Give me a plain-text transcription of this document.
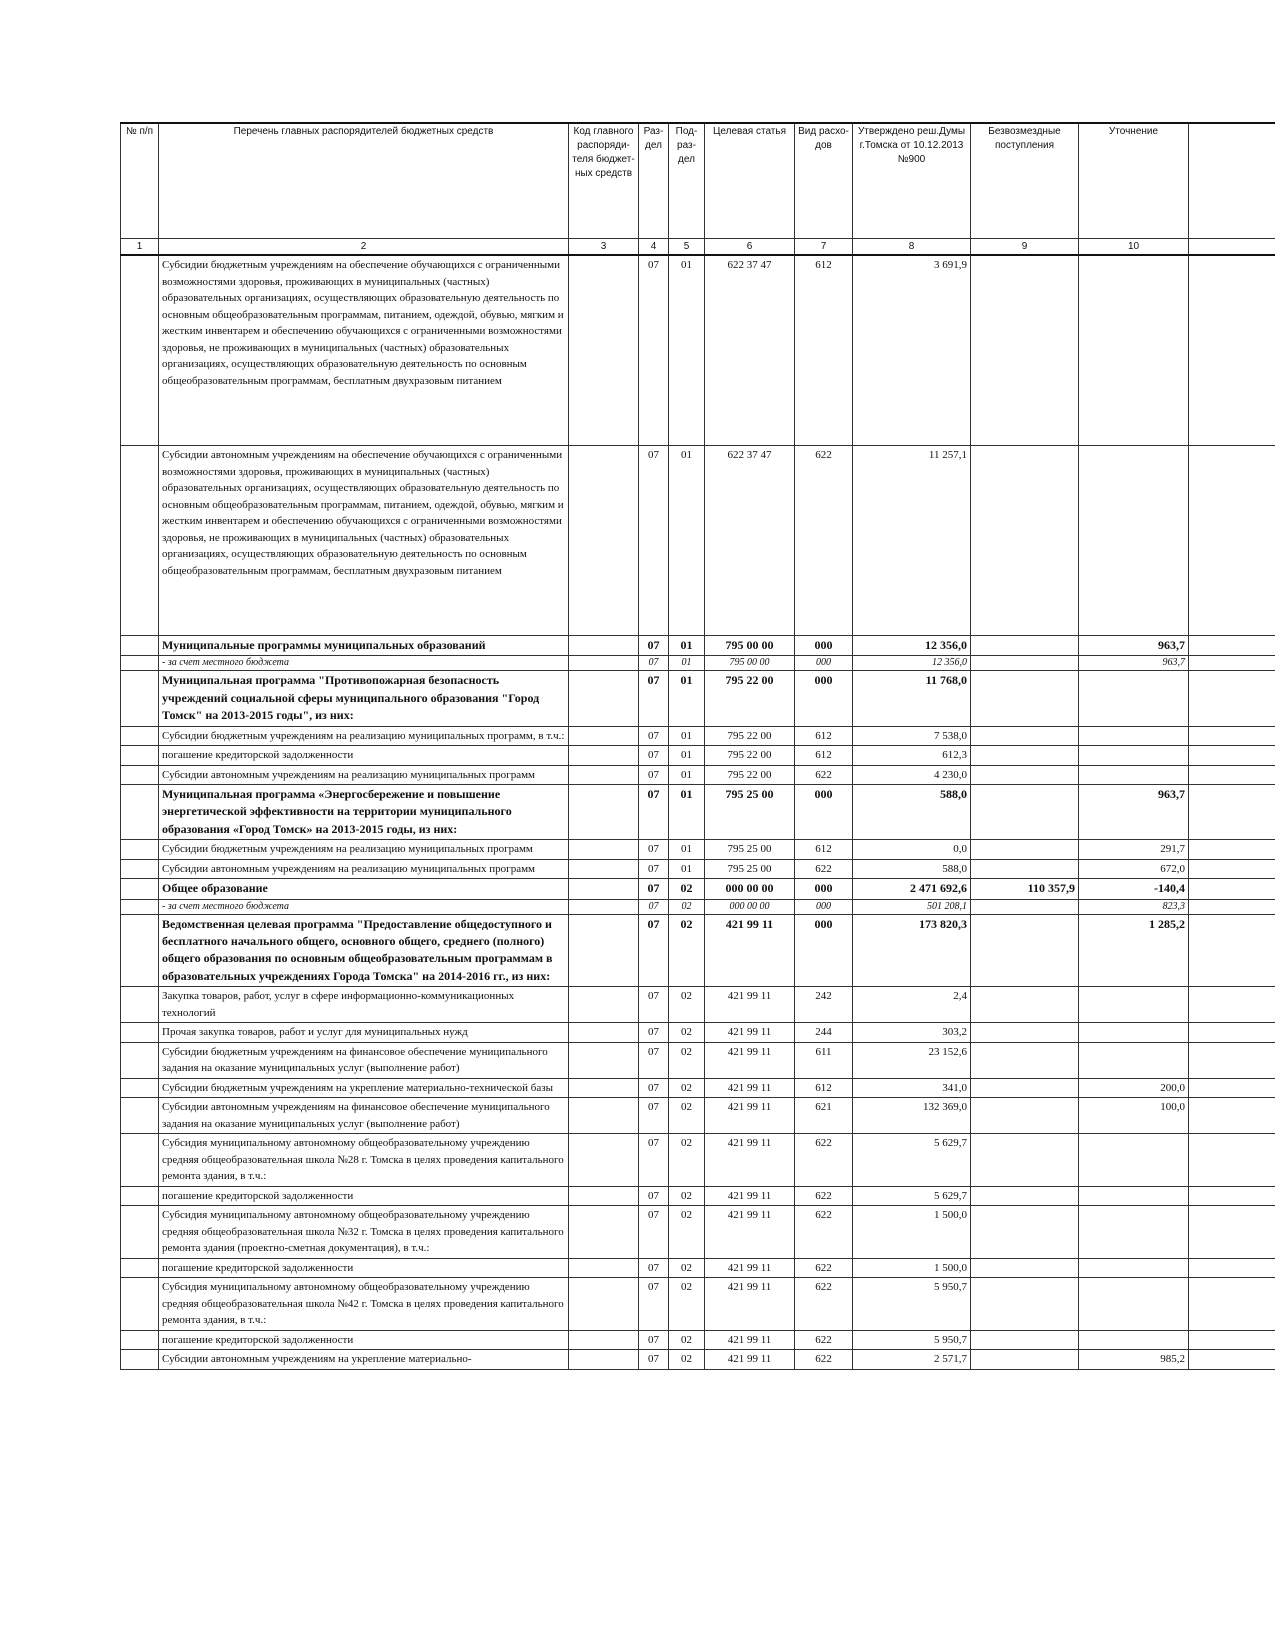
№ п/п	Перечень главных распорядителей бюджетных средств	Код главного распоряди-теля бюджет-ных средств	Раз-дел	Под-раз-дел	Целевая статья	Вид расхо-дов	Утверждено реш.Думы г.Томска от 10.12.2013 №900	Безвозмездные поступления	Уточнение	
1	2	3	4	5	6	7	8	9	10	
	Субсидии бюджетным учреждениям на обеспечение обучающихся с ограниченными возможностями здоровья, проживающих в муниципальных (частных) образовательных организациях, осуществляющих образовательную деятельность по основным общеобразовательным программам, питанием, одеждой, обувью, мягким и жестким инвентарем и обеспечению обучающихся с ограниченными возможностями здоровья, не проживающих в муниципальных (частных) образовательных организациях, осуществляющих образовательную деятельность по основным общеобразовательным программам, бесплатным двухразовым питанием		07	01	622 37 47	612	3 691,9			
	Субсидии автономным учреждениям на обеспечение обучающихся с ограниченными возможностями здоровья, проживающих в муниципальных (частных) образовательных организациях, осуществляющих образовательную деятельность по основным общеобразовательным программам, питанием, одеждой, обувью, мягким и жестким инвентарем и обеспечению обучающихся с ограниченными возможностями здоровья, не проживающих в муниципальных (частных) образовательных организациях, осуществляющих образовательную деятельность по основным общеобразовательным программам, бесплатным двухразовым питанием		07	01	622 37 47	622	11 257,1			
	Муниципальные программы муниципальных образований		07	01	795 00 00	000	12 356,0		963,7	
	- за счет местного бюджета		07	01	795 00 00	000	12 356,0		963,7	
	Муниципальная программа "Противопожарная безопасность учреждений социальной сферы муниципального образования "Город Томск" на 2013-2015 годы", из них:		07	01	795 22 00	000	11 768,0			
	Субсидии бюджетным учреждениям на реализацию муниципальных программ, в т.ч.:		07	01	795 22 00	612	7 538,0			
	погашение кредиторской задолженности		07	01	795 22 00	612	612,3			
	Субсидии автономным учреждениям на реализацию муниципальных программ		07	01	795 22 00	622	4 230,0			
	Муниципальная программа «Энергосбережение и повышение энергетической эффективности на территории муниципального образования «Город Томск» на 2013-2015 годы, из них:		07	01	795 25 00	000	588,0		963,7	
	Субсидии бюджетным учреждениям на реализацию муниципальных программ		07	01	795 25 00	612	0,0		291,7	
	Субсидии автономным учреждениям на реализацию муниципальных программ		07	01	795 25 00	622	588,0		672,0	
	Общее образование		07	02	000 00 00	000	2 471 692,6	110 357,9	-140,4	
	- за счет местного бюджета		07	02	000 00 00	000	501 208,1		823,3	
	Ведомственная целевая программа "Предоставление общедоступного и бесплатного начального общего, основного общего, среднего (полного) общего образования по основным общеобразовательным программам в образовательных учреждениях Города Томска" на 2014-2016 гг., из них:		07	02	421 99 11	000	173 820,3		1 285,2	
	Закупка товаров, работ, услуг в сфере информационно-коммуникационных технологий		07	02	421 99 11	242	2,4			
	Прочая закупка товаров, работ и услуг для муниципальных нужд		07	02	421 99 11	244	303,2			
	Субсидии бюджетным учреждениям на финансовое обеспечение муниципального задания на оказание муниципальных услуг (выполнение работ)		07	02	421 99 11	611	23 152,6			
	Субсидии бюджетным учреждениям на укрепление материально-технической базы		07	02	421 99 11	612	341,0		200,0	
	Субсидии автономным учреждениям на финансовое обеспечение муниципального задания на оказание муниципальных услуг (выполнение работ)		07	02	421 99 11	621	132 369,0		100,0	
	Субсидия муниципальному автономному общеобразовательному учреждению средняя общеобразовательная школа №28 г. Томска в целях проведения капитального ремонта здания, в т.ч.:		07	02	421 99 11	622	5 629,7			
	погашение кредиторской задолженности		07	02	421 99 11	622	5 629,7			
	Субсидия муниципальному автономному общеобразовательному учреждению средняя общеобразовательная школа №32 г. Томска в целях проведения капитального ремонта здания (проектно-сметная документация), в т.ч.:		07	02	421 99 11	622	1 500,0			
	погашение кредиторской задолженности		07	02	421 99 11	622	1 500,0			
	Субсидия муниципальному автономному общеобразовательному учреждению средняя общеобразовательная школа №42 г. Томска в целях проведения капитального ремонта здания, в т.ч.:		07	02	421 99 11	622	5 950,7			
	погашение кредиторской задолженности		07	02	421 99 11	622	5 950,7			
	Субсидии автономным учреждениям на укрепление материально-		07	02	421 99 11	622	2 571,7		985,2	
